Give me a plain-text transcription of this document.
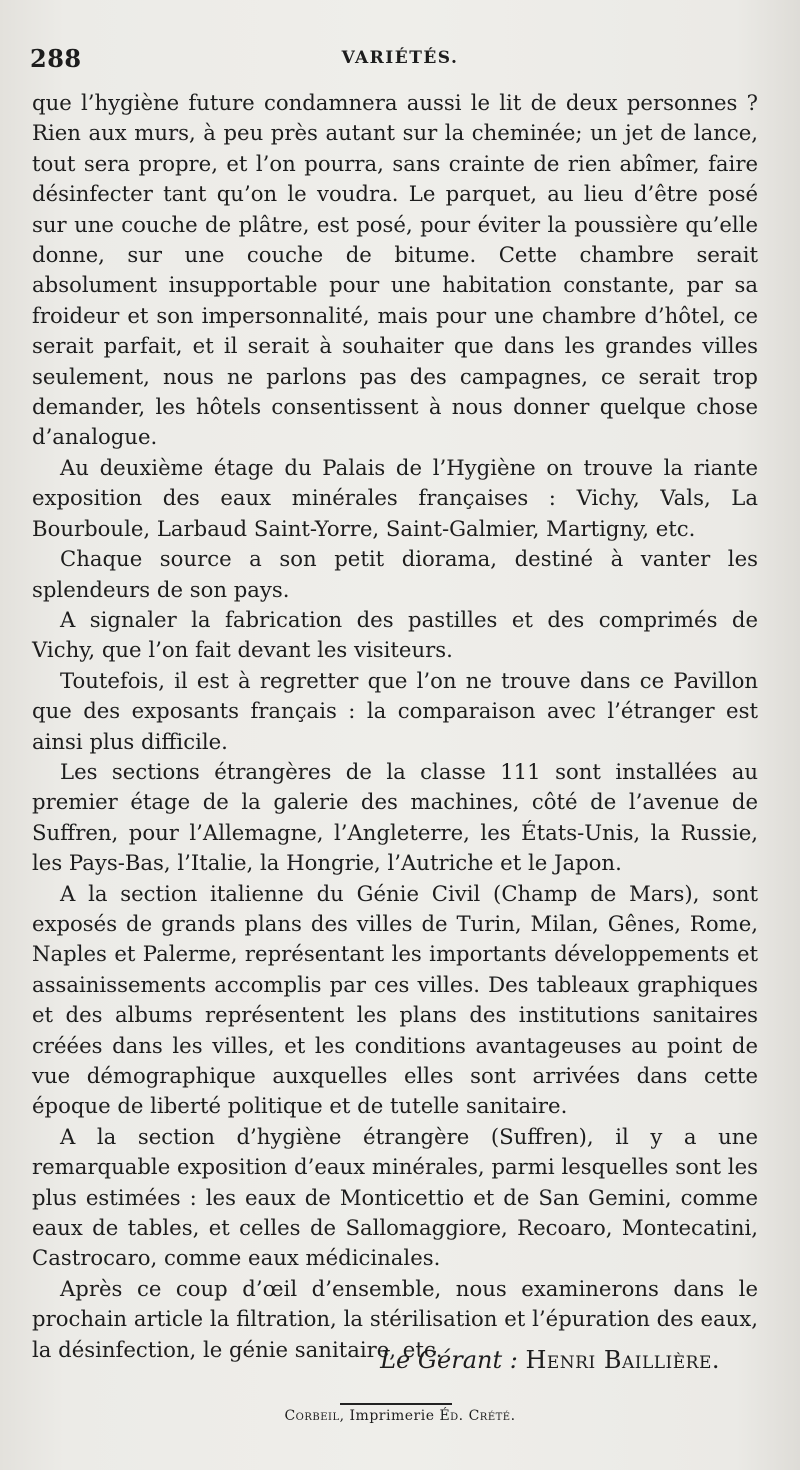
288	VARIÉTÉS.

que l’hygiène future condamnera aussi le lit de deux personnes ? Rien aux murs, à peu près autant sur la cheminée; un jet de lance, tout sera propre, et l’on pourra, sans crainte de rien abîmer, faire désinfecter tant qu’on le voudra. Le parquet, au lieu d’être posé sur une couche de plâtre, est posé, pour éviter la poussière qu’elle donne, sur une couche de bitume. Cette chambre serait absolument insupportable pour une habitation constante, par sa froideur et son impersonnalité, mais pour une chambre d’hôtel, ce serait parfait, et il serait à souhaiter que dans les grandes villes seulement, nous ne parlons pas des campagnes, ce serait trop demander, les hôtels consentissent à nous donner quelque chose d’analogue.

Au deuxième étage du Palais de l’Hygiène on trouve la riante exposition des eaux minérales françaises : Vichy, Vals, La Bourboule, Larbaud Saint-Yorre, Saint-Galmier, Martigny, etc.

Chaque source a son petit diorama, destiné à vanter les splendeurs de son pays.

A signaler la fabrication des pastilles et des comprimés de Vichy, que l’on fait devant les visiteurs.

Toutefois, il est à regretter que l’on ne trouve dans ce Pavillon que des exposants français : la comparaison avec l’étranger est ainsi plus difficile.

Les sections étrangères de la classe 111 sont installées au premier étage de la galerie des machines, côté de l’avenue de Suffren, pour l’Allemagne, l’Angleterre, les États-Unis, la Russie, les Pays-Bas, l’Italie, la Hongrie, l’Autriche et le Japon.

A la section italienne du Génie Civil (Champ de Mars), sont exposés de grands plans des villes de Turin, Milan, Gênes, Rome, Naples et Palerme, représentant les importants développements et assainissements accomplis par ces villes. Des tableaux graphiques et des albums représentent les plans des institutions sanitaires créées dans les villes, et les conditions avantageuses au point de vue démographique auxquelles elles sont arrivées dans cette époque de liberté politique et de tutelle sanitaire.

A la section d’hygiène étrangère (Suffren), il y a une remarquable exposition d’eaux minérales, parmi lesquelles sont les plus estimées : les eaux de Monticettio et de San Gemini, comme eaux de tables, et celles de Sallomaggiore, Recoaro, Montecatini, Castrocaro, comme eaux médicinales.

Après ce coup d’œil d’ensemble, nous examinerons dans le prochain article la filtration, la stérilisation et l’épuration des eaux, la désinfection, le génie sanitaire, etc.

Le Gérant : Henri Baillière.
Corbeil, Imprimerie Éd. Crété.
